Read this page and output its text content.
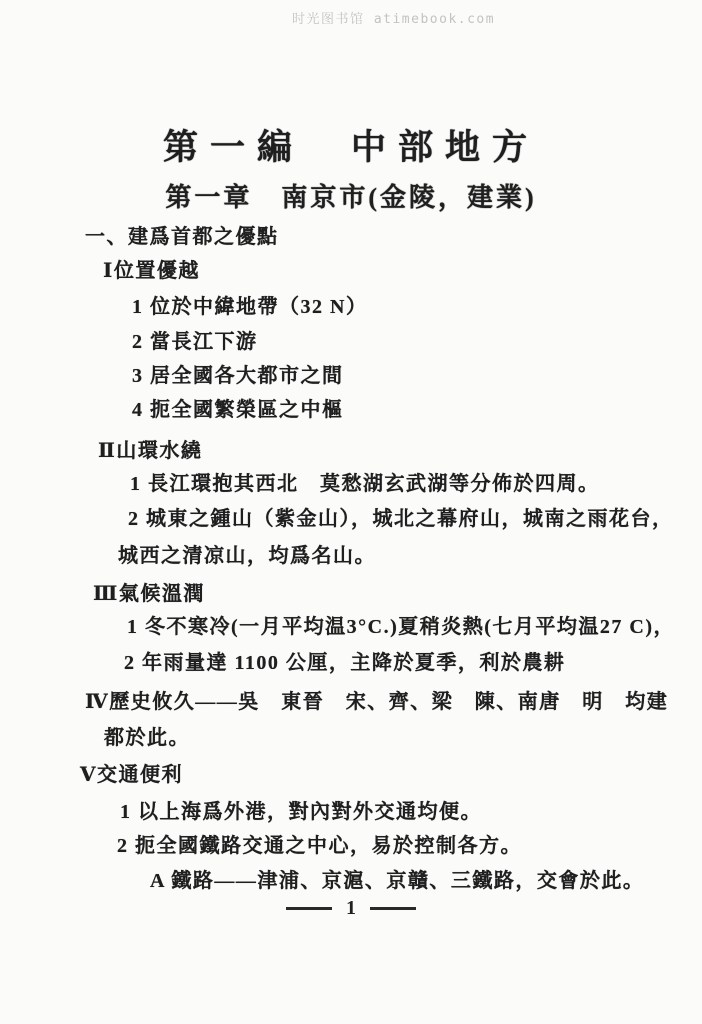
时光图书馆 atimebook.com
第一編　中部地方
第一章　南京市(金陵，建業)
一、建爲首都之優點
Ⅰ位置優越
1 位於中緯地帶（32 N）
2 當長江下游
3 居全國各大都市之間
4 扼全國繁榮區之中樞
Ⅱ山環水繞
1 長江環抱其西北　莫愁湖玄武湖等分佈於四周。
2 城東之鍾山（紫金山），城北之幕府山，城南之雨花台，
城西之清凉山，均爲名山。
Ⅲ氣候溫潤
1 冬不寒冷(一月平均温3°C.)夏稍炎熱(七月平均温27 C)，
2 年雨量達 1100 公厘，主降於夏季，利於農耕
Ⅳ歷史攸久——吳　東晉　宋、齊、梁　陳、南唐　明　均建
都於此。
Ⅴ交通便利
1 以上海爲外港，對內對外交通均便。
2 扼全國鐵路交通之中心，易於控制各方。
A 鐵路——津浦、京滬、京贛、三鐵路，交會於此。
1
